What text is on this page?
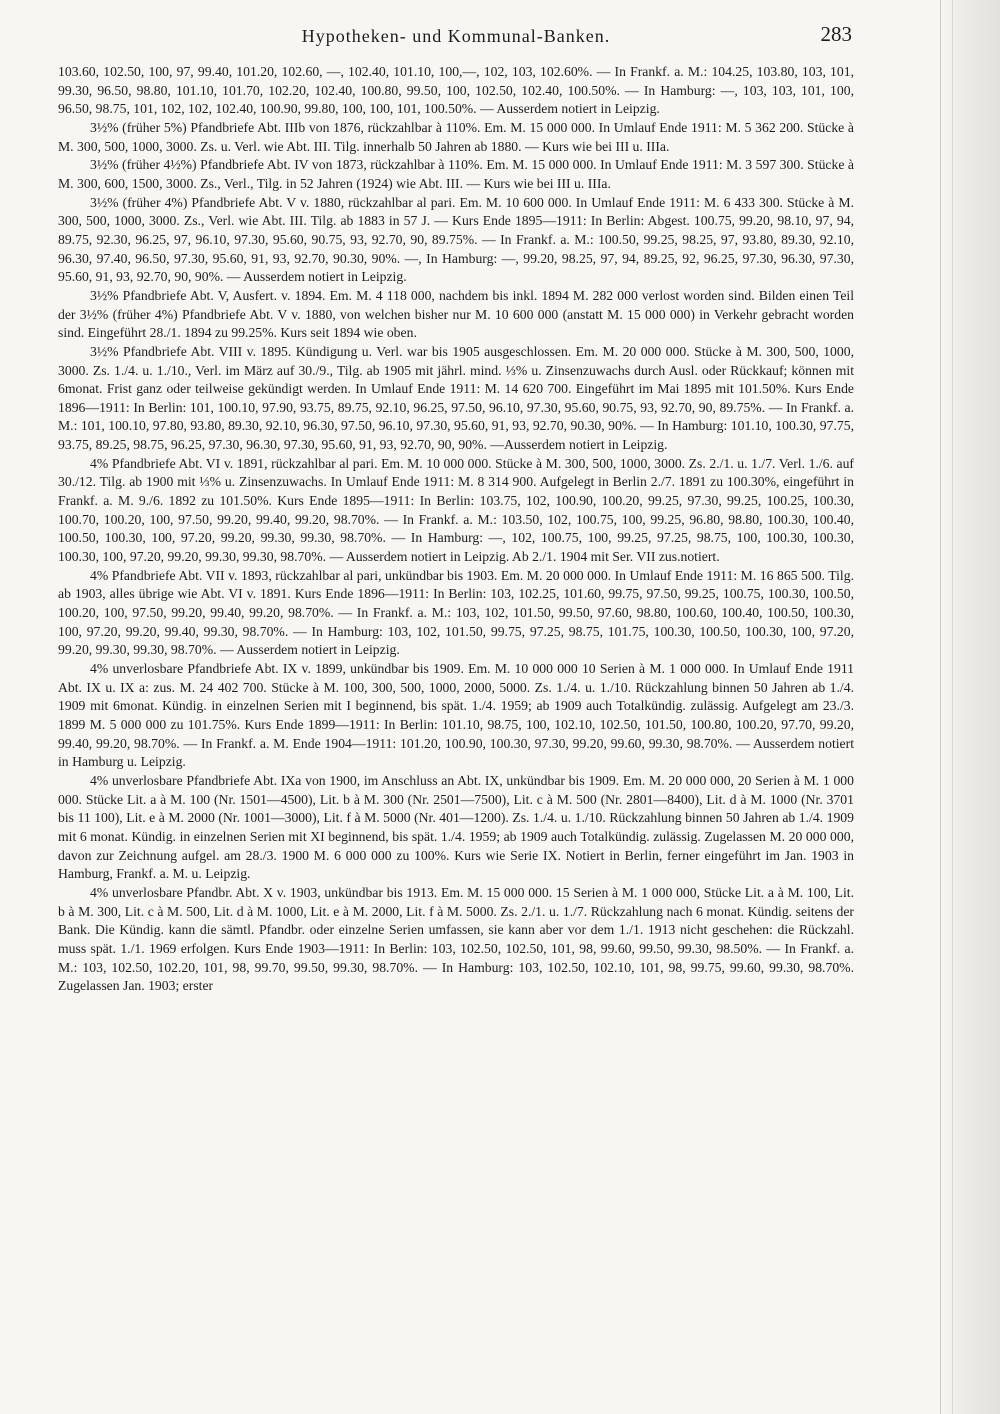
Hypotheken- und Kommunal-Banken.	283

103.60, 102.50, 100, 97, 99.40, 101.20, 102.60, —, 102.40, 101.10, 100,—, 102, 103, 102.60%. — In Frankf. a. M.: 104.25, 103.80, 103, 101, 99.30, 96.50, 98.80, 101.10, 101.70, 102.20, 102.40, 100.80, 99.50, 100, 102.50, 102.40, 100.50%. — In Hamburg: —, 103, 103, 101, 100, 96.50, 98.75, 101, 102, 102, 102.40, 100.90, 99.80, 100, 100, 101, 100.50%. — Ausserdem notiert in Leipzig.

3½% (früher 5%) Pfandbriefe Abt. IIIb von 1876, rückzahlbar à 110%. Em. M. 15 000 000. In Umlauf Ende 1911: M. 5 362 200. Stücke à M. 300, 500, 1000, 3000. Zs. u. Verl. wie Abt. III. Tilg. innerhalb 50 Jahren ab 1880. — Kurs wie bei III u. IIIa.

3½% (früher 4½%) Pfandbriefe Abt. IV von 1873, rückzahlbar à 110%. Em. M. 15 000 000. In Umlauf Ende 1911: M. 3 597 300. Stücke à M. 300, 600, 1500, 3000. Zs., Verl., Tilg. in 52 Jahren (1924) wie Abt. III. — Kurs wie bei III u. IIIa.

3½% (früher 4%) Pfandbriefe Abt. V v. 1880, rückzahlbar al pari. Em. M. 10 600 000. In Umlauf Ende 1911: M. 6 433 300. Stücke à M. 300, 500, 1000, 3000. Zs., Verl. wie Abt. III. Tilg. ab 1883 in 57 J. — Kurs Ende 1895—1911: In Berlin: Abgest. 100.75, 99.20, 98.10, 97, 94, 89.75, 92.30, 96.25, 97, 96.10, 97.30, 95.60, 90.75, 93, 92.70, 90, 89.75%. — In Frankf. a. M.: 100.50, 99.25, 98.25, 97, 93.80, 89.30, 92.10, 96.30, 97.40, 96.50, 97.30, 95.60, 91, 93, 92.70, 90.30, 90%. —, In Hamburg: —, 99.20, 98.25, 97, 94, 89.25, 92, 96.25, 97.30, 96.30, 97.30, 95.60, 91, 93, 92.70, 90, 90%. — Ausserdem notiert in Leipzig.

3½% Pfandbriefe Abt. V, Ausfert. v. 1894. Em. M. 4 118 000, nachdem bis inkl. 1894 M. 282 000 verlost worden sind. Bilden einen Teil der 3½% (früher 4%) Pfandbriefe Abt. V v. 1880, von welchen bisher nur M. 10 600 000 (anstatt M. 15 000 000) in Verkehr gebracht worden sind. Eingeführt 28./1. 1894 zu 99.25%. Kurs seit 1894 wie oben.

3½% Pfandbriefe Abt. VIII v. 1895. Kündigung u. Verl. war bis 1905 ausgeschlossen. Em. M. 20 000 000. Stücke à M. 300, 500, 1000, 3000. Zs. 1./4. u. 1./10., Verl. im März auf 30./9., Tilg. ab 1905 mit jährl. mind. ⅓% u. Zinsenzuwachs durch Ausl. oder Rückkauf; können mit 6monat. Frist ganz oder teilweise gekündigt werden. In Umlauf Ende 1911: M. 14 620 700. Eingeführt im Mai 1895 mit 101.50%. Kurs Ende 1896—1911: In Berlin: 101, 100.10, 97.90, 93.75, 89.75, 92.10, 96.25, 97.50, 96.10, 97.30, 95.60, 90.75, 93, 92.70, 90, 89.75%. — In Frankf. a. M.: 101, 100.10, 97.80, 93.80, 89.30, 92.10, 96.30, 97.50, 96.10, 97.30, 95.60, 91, 93, 92.70, 90.30, 90%. — In Hamburg: 101.10, 100.30, 97.75, 93.75, 89.25, 98.75, 96.25, 97.30, 96.30, 97.30, 95.60, 91, 93, 92.70, 90, 90%. —Ausserdem notiert in Leipzig.

4% Pfandbriefe Abt. VI v. 1891, rückzahlbar al pari. Em. M. 10 000 000. Stücke à M. 300, 500, 1000, 3000. Zs. 2./1. u. 1./7. Verl. 1./6. auf 30./12. Tilg. ab 1900 mit ⅓% u. Zinsenzuwachs. In Umlauf Ende 1911: M. 8 314 900. Aufgelegt in Berlin 2./7. 1891 zu 100.30%, eingeführt in Frankf. a. M. 9./6. 1892 zu 101.50%. Kurs Ende 1895—1911: In Berlin: 103.75, 102, 100.90, 100.20, 99.25, 97.30, 99.25, 100.25, 100.30, 100.70, 100.20, 100, 97.50, 99.20, 99.40, 99.20, 98.70%. — In Frankf. a. M.: 103.50, 102, 100.75, 100, 99.25, 96.80, 98.80, 100.30, 100.40, 100.50, 100.30, 100, 97.20, 99.20, 99.30, 99.30, 98.70%. — In Hamburg: —, 102, 100.75, 100, 99.25, 97.25, 98.75, 100, 100.30, 100.30, 100.30, 100, 97.20, 99.20, 99.30, 99.30, 98.70%. — Ausserdem notiert in Leipzig. Ab 2./1. 1904 mit Ser. VII zus.notiert.

4% Pfandbriefe Abt. VII v. 1893, rückzahlbar al pari, unkündbar bis 1903. Em. M. 20 000 000. In Umlauf Ende 1911: M. 16 865 500. Tilg. ab 1903, alles übrige wie Abt. VI v. 1891. Kurs Ende 1896—1911: In Berlin: 103, 102.25, 101.60, 99.75, 97.50, 99.25, 100.75, 100.30, 100.50, 100.20, 100, 97.50, 99.20, 99.40, 99.20, 98.70%. — In Frankf. a. M.: 103, 102, 101.50, 99.50, 97.60, 98.80, 100.60, 100.40, 100.50, 100.30, 100, 97.20, 99.20, 99.40, 99.30, 98.70%. — In Hamburg: 103, 102, 101.50, 99.75, 97.25, 98.75, 101.75, 100.30, 100.50, 100.30, 100, 97.20, 99.20, 99.30, 99.30, 98.70%. — Ausserdem notiert in Leipzig.

4% unverlosbare Pfandbriefe Abt. IX v. 1899, unkündbar bis 1909. Em. M. 10 000 000 10 Serien à M. 1 000 000. In Umlauf Ende 1911 Abt. IX u. IX a: zus. M. 24 402 700. Stücke à M. 100, 300, 500, 1000, 2000, 5000. Zs. 1./4. u. 1./10. Rückzahlung binnen 50 Jahren ab 1./4. 1909 mit 6monat. Kündig. in einzelnen Serien mit I beginnend, bis spät. 1./4. 1959; ab 1909 auch Totalkündig. zulässig. Aufgelegt am 23./3. 1899 M. 5 000 000 zu 101.75%. Kurs Ende 1899—1911: In Berlin: 101.10, 98.75, 100, 102.10, 102.50, 101.50, 100.80, 100.20, 97.70, 99.20, 99.40, 99.20, 98.70%. — In Frankf. a. M. Ende 1904—1911: 101.20, 100.90, 100.30, 97.30, 99.20, 99.60, 99.30, 98.70%. — Ausserdem notiert in Hamburg u. Leipzig.

4% unverlosbare Pfandbriefe Abt. IXa von 1900, im Anschluss an Abt. IX, unkündbar bis 1909. Em. M. 20 000 000, 20 Serien à M. 1 000 000. Stücke Lit. a à M. 100 (Nr. 1501—4500), Lit. b à M. 300 (Nr. 2501—7500), Lit. c à M. 500 (Nr. 2801—8400), Lit. d à M. 1000 (Nr. 3701 bis 11 100), Lit. e à M. 2000 (Nr. 1001—3000), Lit. f à M. 5000 (Nr. 401—1200). Zs. 1./4. u. 1./10. Rückzahlung binnen 50 Jahren ab 1./4. 1909 mit 6 monat. Kündig. in einzelnen Serien mit XI beginnend, bis spät. 1./4. 1959; ab 1909 auch Totalkündig. zulässig. Zugelassen M. 20 000 000, davon zur Zeichnung aufgel. am 28./3. 1900 M. 6 000 000 zu 100%. Kurs wie Serie IX. Notiert in Berlin, ferner eingeführt im Jan. 1903 in Hamburg, Frankf. a. M. u. Leipzig.

4% unverlosbare Pfandbr. Abt. X v. 1903, unkündbar bis 1913. Em. M. 15 000 000. 15 Serien à M. 1 000 000, Stücke Lit. a à M. 100, Lit. b à M. 300, Lit. c à M. 500, Lit. d à M. 1000, Lit. e à M. 2000, Lit. f à M. 5000. Zs. 2./1. u. 1./7. Rückzahlung nach 6 monat. Kündig. seitens der Bank. Die Kündig. kann die sämtl. Pfandbr. oder einzelne Serien umfassen, sie kann aber vor dem 1./1. 1913 nicht geschehen: die Rückzahl. muss spät. 1./1. 1969 erfolgen. Kurs Ende 1903—1911: In Berlin: 103, 102.50, 102.50, 101, 98, 99.60, 99.50, 99.30, 98.50%. — In Frankf. a. M.: 103, 102.50, 102.20, 101, 98, 99.70, 99.50, 99.30, 98.70%. — In Hamburg: 103, 102.50, 102.10, 101, 98, 99.75, 99.60, 99.30, 98.70%. Zugelassen Jan. 1903; erster
